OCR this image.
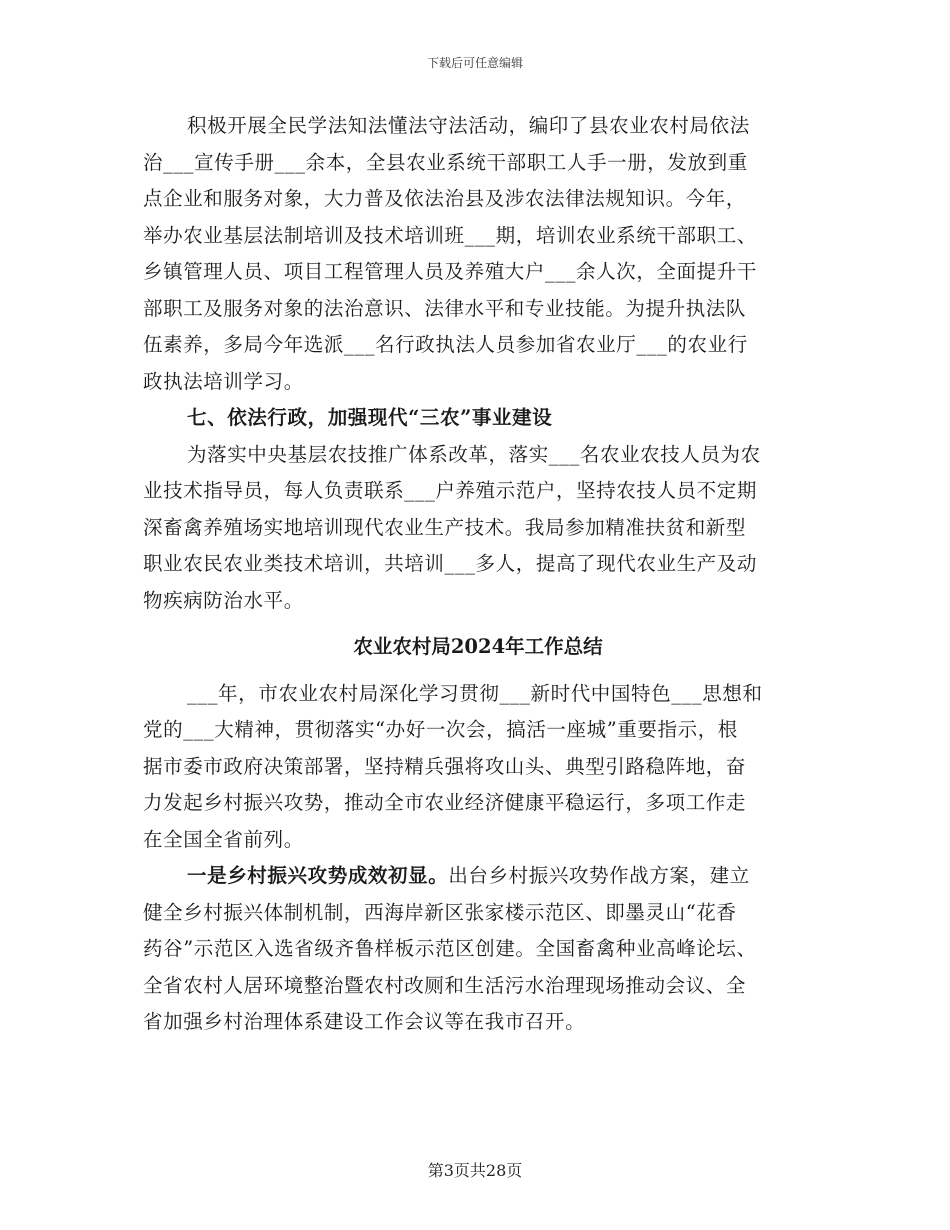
下载后可任意编辑
积极开展全民学法知法懂法守法活动，编印了县农业农村局依法
治___宣传手册___余本，全县农业系统干部职工人手一册，发放到重
点企业和服务对象，大力普及依法治县及涉农法律法规知识。今年，
举办农业基层法制培训及技术培训班___期，培训农业系统干部职工、
乡镇管理人员、项目工程管理人员及养殖大户___余人次，全面提升干
部职工及服务对象的法治意识、法律水平和专业技能。为提升执法队
伍素养，多局今年选派___名行政执法人员参加省农业厅___的农业行
政执法培训学习。
七、依法行政，加强现代“三农”事业建设
为落实中央基层农技推广体系改革，落实___名农业农技人员为农
业技术指导员，每人负责联系___户养殖示范户，坚持农技人员不定期
深畜禽养殖场实地培训现代农业生产技术。我局参加精准扶贫和新型
职业农民农业类技术培训，共培训___多人，提高了现代农业生产及动
物疾病防治水平。
农业农村局2024年工作总结
___年，市农业农村局深化学习贯彻___新时代中国特色___思想和
党的___大精神，贯彻落实“办好一次会，搞活一座城”重要指示，根
据市委市政府决策部署，坚持精兵强将攻山头、典型引路稳阵地，奋
力发起乡村振兴攻势，推动全市农业经济健康平稳运行，多项工作走
在全国全省前列。
一是乡村振兴攻势成效初显。出台乡村振兴攻势作战方案，建立
健全乡村振兴体制机制，西海岸新区张家楼示范区、即墨灵山“花香
药谷”示范区入选省级齐鲁样板示范区创建。全国畜禽种业高峰论坛、
全省农村人居环境整治暨农村改厕和生活污水治理现场推动会议、全
省加强乡村治理体系建设工作会议等在我市召开。
第3页共28页
